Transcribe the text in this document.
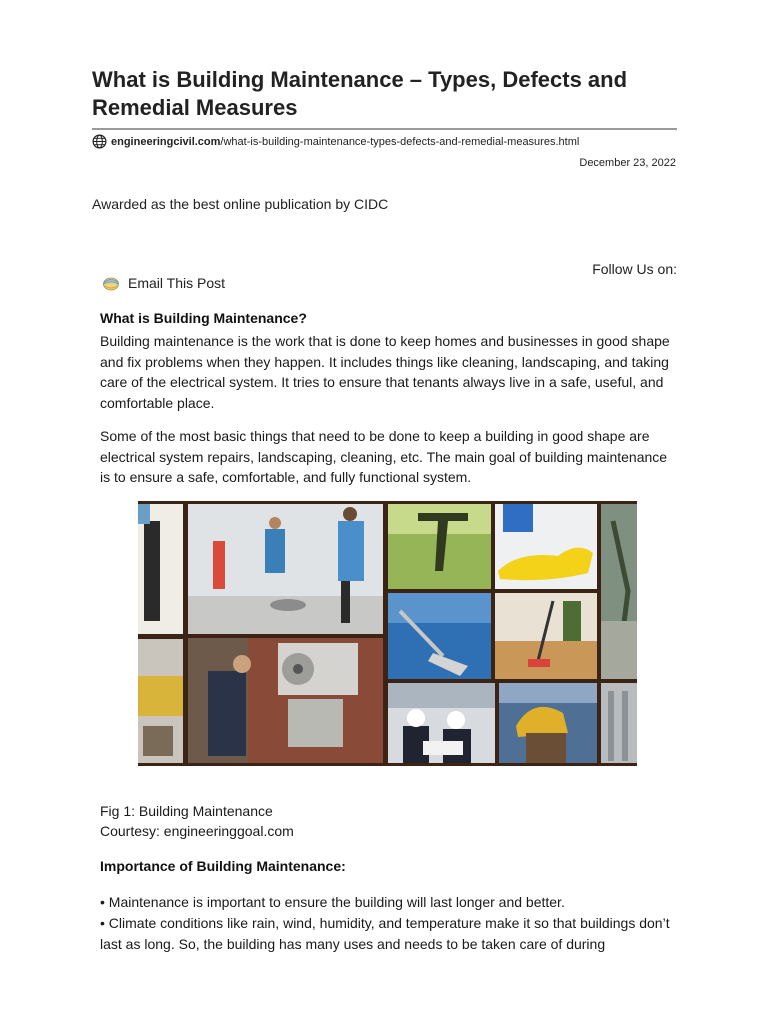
What is Building Maintenance – Types, Defects and Remedial Measures
engineeringcivil.com /what-is-building-maintenance-types-defects-and-remedial-measures.html
December 23, 2022
Awarded as the best online publication by CIDC
Follow Us on:
Email This Post
What is Building Maintenance?

Building maintenance is the work that is done to keep homes and businesses in good shape and fix problems when they happen. It includes things like cleaning, landscaping, and taking care of the electrical system. It tries to ensure that tenants always live in a safe, useful, and comfortable place.

Some of the most basic things that need to be done to keep a building in good shape are electrical system repairs, landscaping, cleaning, etc. The main goal of building maintenance is to ensure a safe, comfortable, and fully functional system.

Fig 1: Building Maintenance
Courtesy: engineeringgoal.com
Importance of Building Maintenance:
• Maintenance is important to ensure the building will last longer and better.
• Climate conditions like rain, wind, humidity, and temperature make it so that buildings don’t last as long. So, the building has many uses and needs to be taken care of during
